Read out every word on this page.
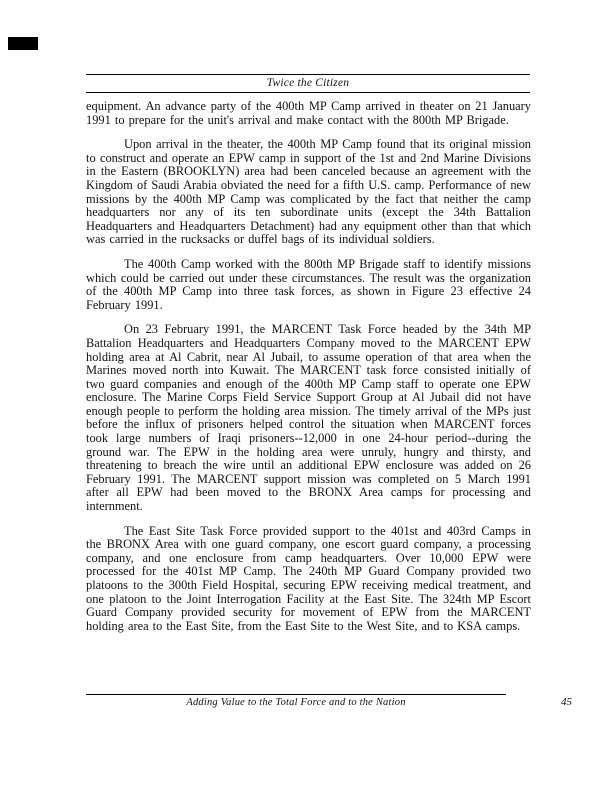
Twice the Citizen

equipment. An advance party of the 400th MP Camp arrived in theater on 21 January 1991 to prepare for the unit's arrival and make contact with the 800th MP Brigade.

Upon arrival in the theater, the 400th MP Camp found that its original mission to construct and operate an EPW camp in support of the 1st and 2nd Marine Divisions in the Eastern (BROOKLYN) area had been canceled because an agreement with the Kingdom of Saudi Arabia obviated the need for a fifth U.S. camp. Performance of new missions by the 400th MP Camp was complicated by the fact that neither the camp headquarters nor any of its ten subordinate units (except the 34th Battalion Headquarters and Headquarters Detachment) had any equipment other than that which was carried in the rucksacks or duffel bags of its individual soldiers.

The 400th Camp worked with the 800th MP Brigade staff to identify missions which could be carried out under these circumstances. The result was the organization of the 400th MP Camp into three task forces, as shown in Figure 23 effective 24 February 1991.

On 23 February 1991, the MARCENT Task Force headed by the 34th MP Battalion Headquarters and Headquarters Company moved to the MARCENT EPW holding area at Al Cabrit, near Al Jubail, to assume operation of that area when the Marines moved north into Kuwait. The MARCENT task force consisted initially of two guard companies and enough of the 400th MP Camp staff to operate one EPW enclosure. The Marine Corps Field Service Support Group at Al Jubail did not have enough people to perform the holding area mission. The timely arrival of the MPs just before the influx of prisoners helped control the situation when MARCENT forces took large numbers of Iraqi prisoners--12,000 in one 24-hour period--during the ground war. The EPW in the holding area were unruly, hungry and thirsty, and threatening to breach the wire until an additional EPW enclosure was added on 26 February 1991. The MARCENT support mission was completed on 5 March 1991 after all EPW had been moved to the BRONX Area camps for processing and internment.

The East Site Task Force provided support to the 401st and 403rd Camps in the BRONX Area with one guard company, one escort guard company, a processing company, and one enclosure from camp headquarters. Over 10,000 EPW were processed for the 401st MP Camp. The 240th MP Guard Company provided two platoons to the 300th Field Hospital, securing EPW receiving medical treatment, and one platoon to the Joint Interrogation Facility at the East Site. The 324th MP Escort Guard Company provided security for movement of EPW from the MARCENT holding area to the East Site, from the East Site to the West Site, and to KSA camps.

Adding Value to the Total Force and to the Nation	45
